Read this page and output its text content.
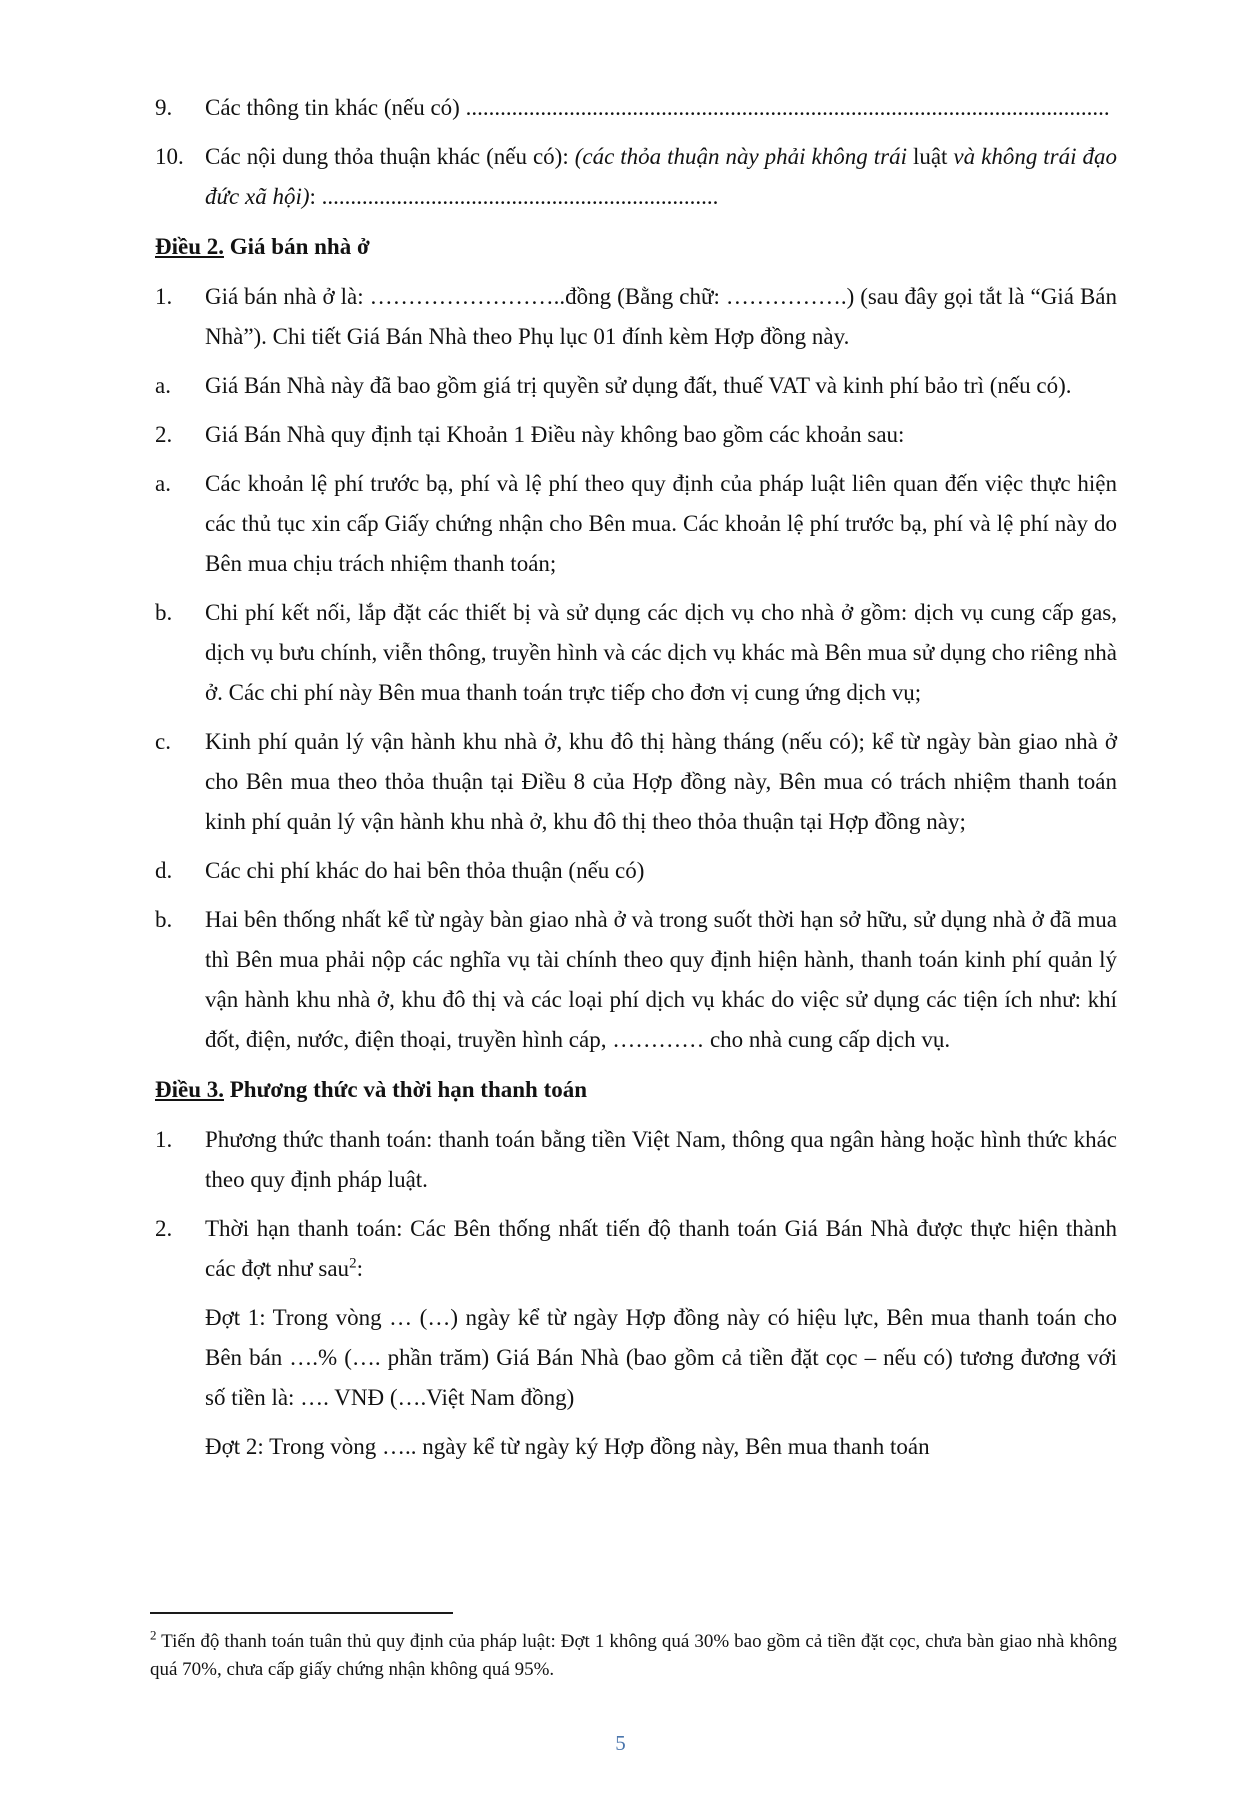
9.	Các thông tin khác (nếu có) ................................................................................................................
10. Các nội dung thỏa thuận khác (nếu có): (các thỏa thuận này phải không trái luật và không trái đạo đức xã hội): .....................................................................
Điều 2. Giá bán nhà ở
1.	Giá bán nhà ở là: ……………………..đồng (Bằng chữ: …………….) (sau đây gọi tắt là “Giá Bán Nhà”). Chi tiết Giá Bán Nhà theo Phụ lục 01 đính kèm Hợp đồng này.
a.	Giá Bán Nhà này đã bao gồm giá trị quyền sử dụng đất, thuế VAT và kinh phí bảo trì (nếu có).
2.	Giá Bán Nhà quy định tại Khoản 1 Điều này không bao gồm các khoản sau:
a.	Các khoản lệ phí trước bạ, phí và lệ phí theo quy định của pháp luật liên quan đến việc thực hiện các thủ tục xin cấp Giấy chứng nhận cho Bên mua. Các khoản lệ phí trước bạ, phí và lệ phí này do Bên mua chịu trách nhiệm thanh toán;
b.	Chi phí kết nối, lắp đặt các thiết bị và sử dụng các dịch vụ cho nhà ở gồm: dịch vụ cung cấp gas, dịch vụ bưu chính, viễn thông, truyền hình và các dịch vụ khác mà Bên mua sử dụng cho riêng nhà ở. Các chi phí này Bên mua thanh toán trực tiếp cho đơn vị cung ứng dịch vụ;
c.	Kinh phí quản lý vận hành khu nhà ở, khu đô thị hàng tháng (nếu có); kể từ ngày bàn giao nhà ở cho Bên mua theo thỏa thuận tại Điều 8 của Hợp đồng này, Bên mua có trách nhiệm thanh toán kinh phí quản lý vận hành khu nhà ở, khu đô thị theo thỏa thuận tại Hợp đồng này;
d.	Các chi phí khác do hai bên thỏa thuận (nếu có)
b.	Hai bên thống nhất kể từ ngày bàn giao nhà ở và trong suốt thời hạn sở hữu, sử dụng nhà ở đã mua thì Bên mua phải nộp các nghĩa vụ tài chính theo quy định hiện hành, thanh toán kinh phí quản lý vận hành khu nhà ở, khu đô thị và các loại phí dịch vụ khác do việc sử dụng các tiện ích như: khí đốt, điện, nước, điện thoại, truyền hình cáp, ………… cho nhà cung cấp dịch vụ.
Điều 3. Phương thức và thời hạn thanh toán
1.	Phương thức thanh toán: thanh toán bằng tiền Việt Nam, thông qua ngân hàng hoặc hình thức khác theo quy định pháp luật.
2.	Thời hạn thanh toán: Các Bên thống nhất tiến độ thanh toán Giá Bán Nhà được thực hiện thành các đợt như sau$^2$:
Đợt 1: Trong vòng … (…) ngày kể từ ngày Hợp đồng này có hiệu lực, Bên mua thanh toán cho Bên bán ….% (…. phần trăm) Giá Bán Nhà (bao gồm cả tiền đặt cọc – nếu có) tương đương với số tiền là: …. VNĐ (….Việt Nam đồng)
Đợt 2: Trong vòng ….. ngày kể từ ngày ký Hợp đồng này, Bên mua thanh toán
$^2$ Tiến độ thanh toán tuân thủ quy định của pháp luật: Đợt 1 không quá 30% bao gồm cả tiền đặt cọc, chưa bàn giao nhà không quá 70%, chưa cấp giấy chứng nhận không quá 95%.
5
